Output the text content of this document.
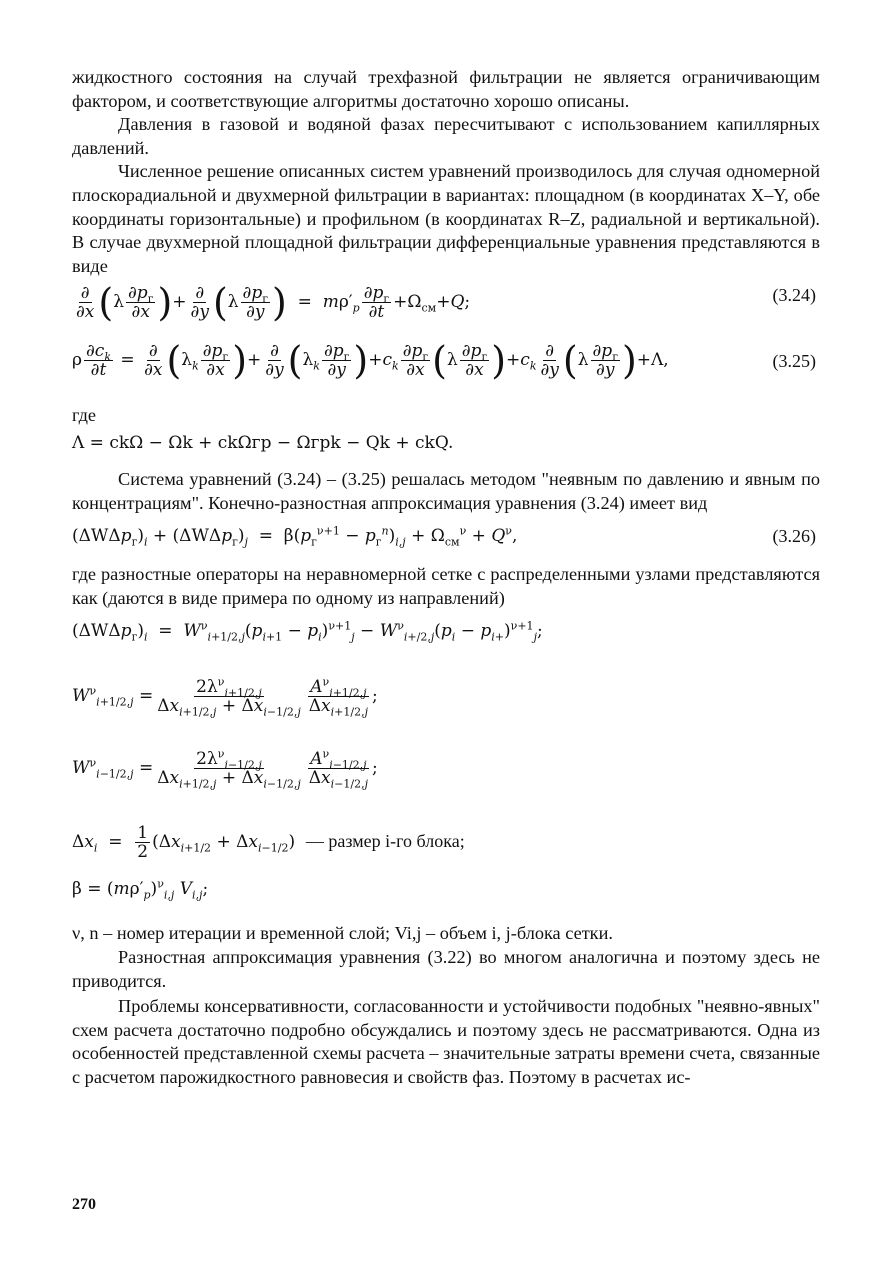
жидкостного состояния на случай трехфазной фильтрации не является ограничивающим фактором, и соответствующие алгоритмы достаточно хорошо описаны.

Давления в газовой и водяной фазах пересчитывают с использованием капиллярных давлений.

Численное решение описанных систем уравнений производилось для случая одномерной плоскорадиальной и двухмерной фильтрации в вариантах: площадном (в координатах X–Y, обе координаты горизонтальные) и профильном (в координатах R–Z, радиальной и вертикальной). В случае двухмерной площадной фильтрации дифференциальные уравнения представляются в виде

$\frac{\partial}{\partial x} (\lambda \frac{\partial p_г}{\partial x}$ )+ $\frac{\partial}{\partial y} (\lambda \frac{\partial p_г}{\partial y}$ )  =  $m\rho'_p \frac{\partial p_г}{\partial t} +\Omega_{см}+Q$;	(3.24)
ρ $\frac{\partial c_k}{\partial t} = \frac{\partial}{\partial x} (\lambda_k \frac{\partial p_г}{\partial x}$ )+ $\frac{\partial}{\partial y} (\lambda_k \frac{\partial p_г}{\partial y} )+c_k \frac{\partial p_г}{\partial x} (\lambda \frac{\partial p_г}{\partial x} )+c_k \frac{\partial}{\partial y} (\lambda \frac{\partial p_г}{\partial y} )+\Lambda$,	(3.25)

где

Λ = ckΩ − Ωk + ckΩгр − Ωгрk − Qk + ckQ.

Система уравнений (3.24) – (3.25) решалась методом "неявным по давлению и явным по концентрациям". Конечно-разностная аппроксимация уравнения (3.24) имеет вид

$(\Delta W\Delta p_г)_i + (\Delta W\Delta p_г)_j = \beta(p_г^{\nu+1} - p_г^n)_{i,j} + \Omega_{см}^\nu + Q^\nu$,	(3.26)

где разностные операторы на неравномерной сетке с распределенными узлами представляются как (даются в виде примера по одному из направлений)

$(\Delta W\Delta p_г)_i = W^\nu_{i+1/2,j}(p_{i+1} - p_i)^{\nu+1}_j - W^\nu_{i+/2,j}(p_i - p_{i+})^{\nu+1}_j$;
$W^\nu_{i+1/2,j} = \frac{2\lambda^\nu_{i+1/2,j}}{\Delta x_{i+1/2,j} + \Delta x_{i-1/2,j}} \frac{A^\nu_{i+1/2,j}}{\Delta x_{i+1/2,j}}$ ;
$W^\nu_{i-1/2,j} = \frac{2\lambda^\nu_{i-1/2,j}}{\Delta x_{i+1/2,j} + \Delta x_{i-1/2,j}} \frac{A^\nu_{i-1/2,j}}{\Delta x_{i-1/2,j}}$ ;
$\Delta x_i = \frac{1}{2} (\Delta x_{i+1/2} + \Delta x_{i-1/2})$  — размер i-го блока;
$\beta = (m\rho'_p)^\nu_{i,j}$ $V_{i,j}$;

ν, n – номер итерации и временной слой; Vi,j – объем i, j-блока сетки.

Разностная аппроксимация уравнения (3.22) во многом аналогична и поэтому здесь не приводится.

Проблемы консервативности, согласованности и устойчивости подобных "неявно-явных" схем расчета достаточно подробно обсуждались и поэтому здесь не рассматриваются. Одна из особенностей представленной схемы расчета – значительные затраты времени счета, связанные с расчетом парожидкостного равновесия и свойств фаз. Поэтому в расчетах ис-

270
